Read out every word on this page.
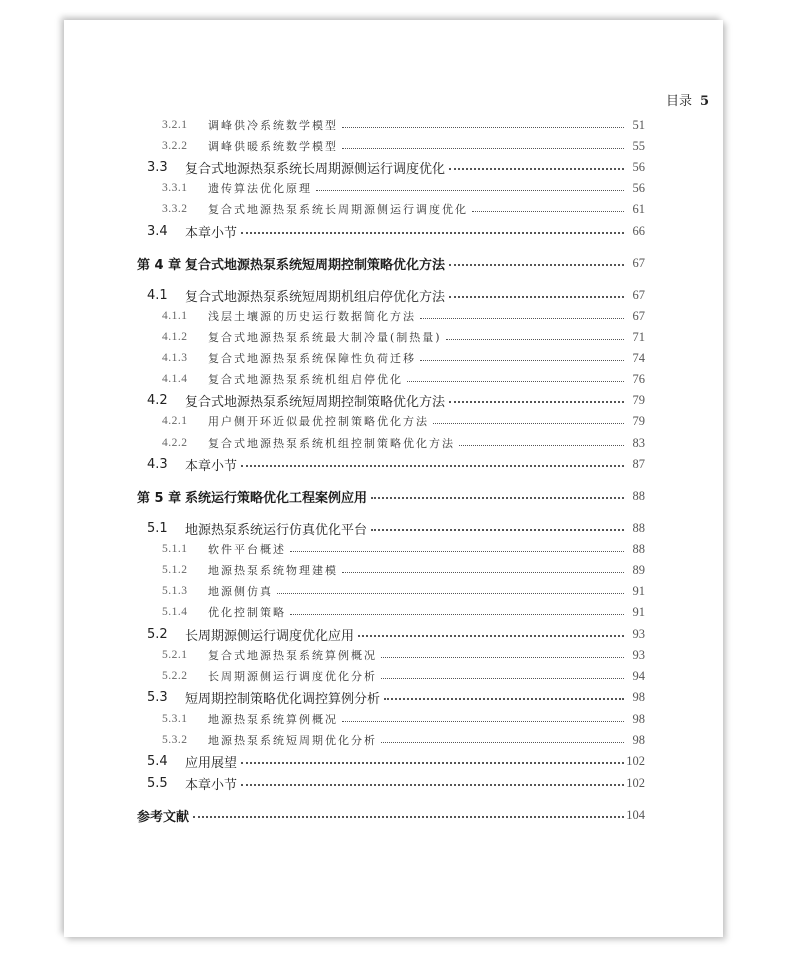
目录 5
3.2.1 调峰供冷系统数学模型	51
3.2.2 调峰供暖系统数学模型	55
3.3 复合式地源热泵系统长周期源侧运行调度优化	56
3.3.1 遗传算法优化原理	56
3.3.2 复合式地源热泵系统长周期源侧运行调度优化	61
3.4 本章小节	66
第 4 章 复合式地源热泵系统短周期控制策略优化方法	67
4.1 复合式地源热泵系统短周期机组启停优化方法	67
4.1.1 浅层土壤源的历史运行数据简化方法	67
4.1.2 复合式地源热泵系统最大制冷量(制热量)	71
4.1.3 复合式地源热泵系统保障性负荷迁移	74
4.1.4 复合式地源热泵系统机组启停优化	76
4.2 复合式地源热泵系统短周期控制策略优化方法	79
4.2.1 用户侧开环近似最优控制策略优化方法	79
4.2.2 复合式地源热泵系统机组控制策略优化方法	83
4.3 本章小节	87
第 5 章 系统运行策略优化工程案例应用	88
5.1 地源热泵系统运行仿真优化平台	88
5.1.1 软件平台概述	88
5.1.2 地源热泵系统物理建模	89
5.1.3 地源侧仿真	91
5.1.4 优化控制策略	91
5.2 长周期源侧运行调度优化应用	93
5.2.1 复合式地源热泵系统算例概况	93
5.2.2 长周期源侧运行调度优化分析	94
5.3 短周期控制策略优化调控算例分析	98
5.3.1 地源热泵系统算例概况	98
5.3.2 地源热泵系统短周期优化分析	98
5.4 应用展望	102
5.5 本章小节	102
参考文献	104
